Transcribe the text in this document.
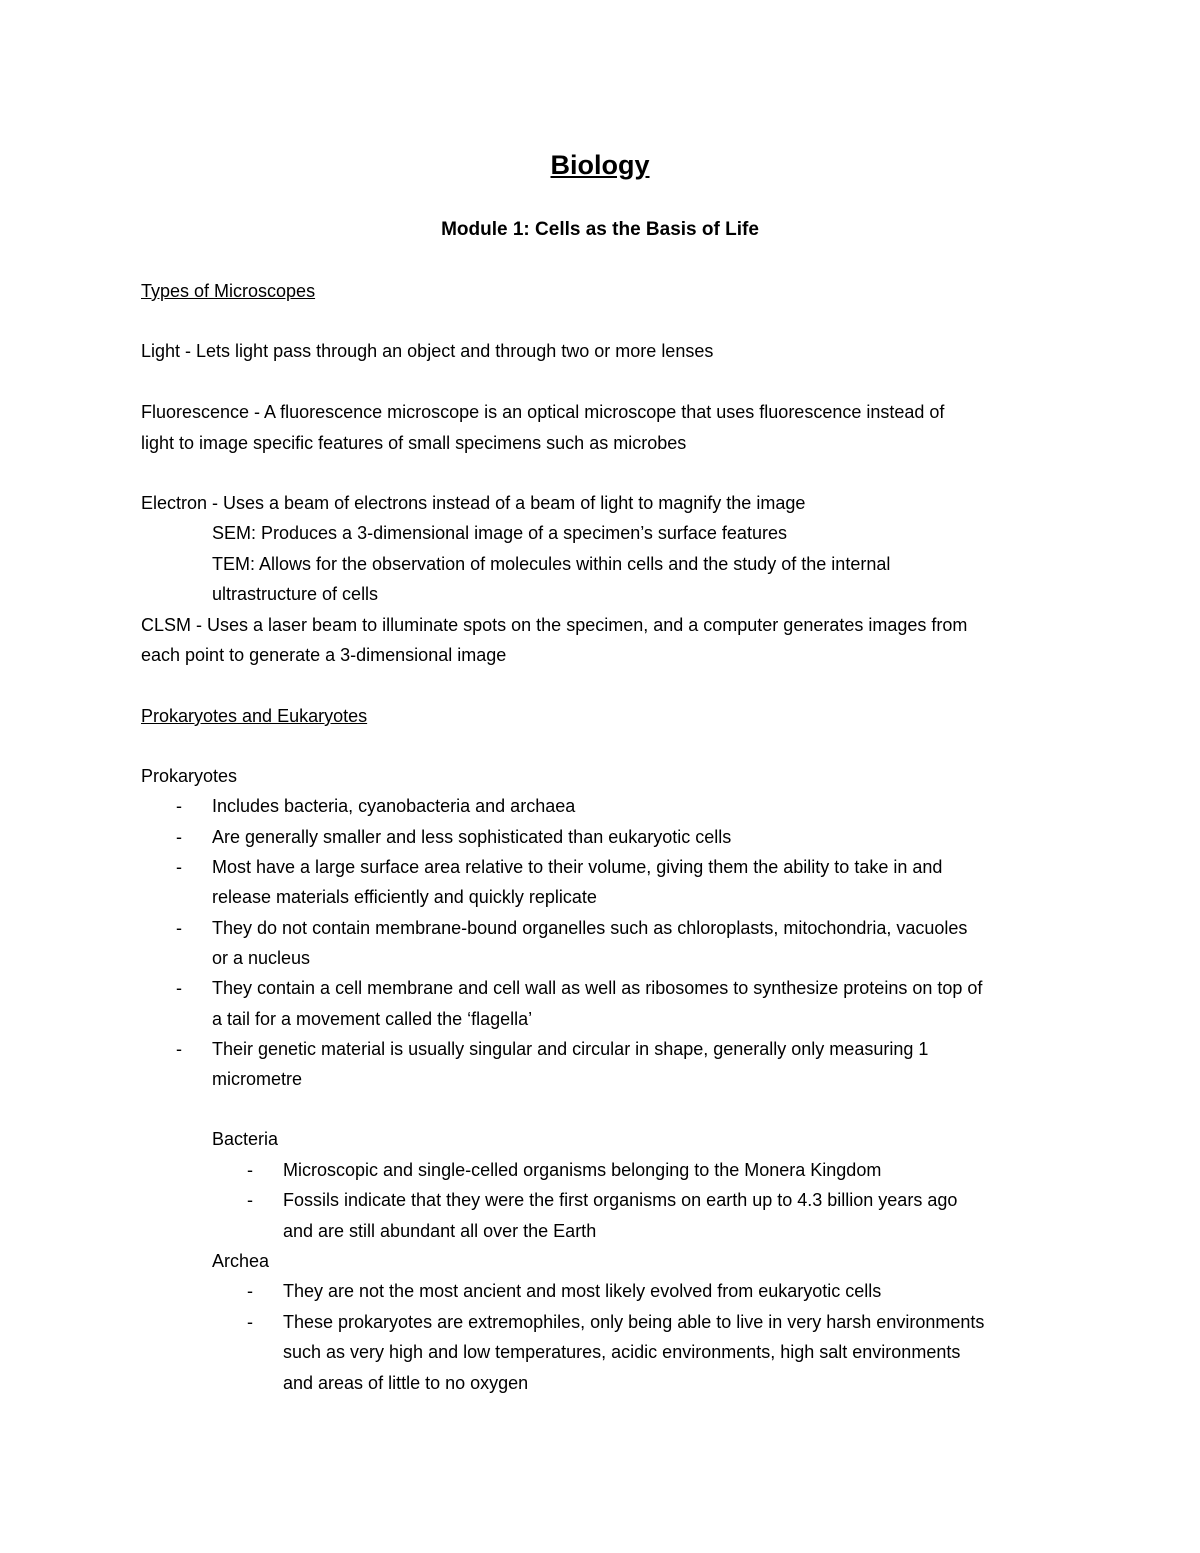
Biology
Module 1: Cells as the Basis of Life
Types of Microscopes
Light - Lets light pass through an object and through two or more lenses
Fluorescence - A fluorescence microscope is an optical microscope that uses fluorescence instead of
light to image specific features of small specimens such as microbes
Electron - Uses a beam of electrons instead of a beam of light to magnify the image
SEM: Produces a 3-dimensional image of a specimen’s surface features
TEM: Allows for the observation of molecules within cells and the study of the internal
ultrastructure of cells
CLSM - Uses a laser beam to illuminate spots on the specimen, and a computer generates images from
each point to generate a 3-dimensional image
Prokaryotes and Eukaryotes
Prokaryotes
- Includes bacteria, cyanobacteria and archaea
- Are generally smaller and less sophisticated than eukaryotic cells
- Most have a large surface area relative to their volume, giving them the ability to take in and
release materials efficiently and quickly replicate
- They do not contain membrane-bound organelles such as chloroplasts, mitochondria, vacuoles
or a nucleus
- They contain a cell membrane and cell wall as well as ribosomes to synthesize proteins on top of
a tail for a movement called the ‘flagella’
- Their genetic material is usually singular and circular in shape, generally only measuring 1
micrometre
Bacteria
- Microscopic and single-celled organisms belonging to the Monera Kingdom
- Fossils indicate that they were the first organisms on earth up to 4.3 billion years ago
and are still abundant all over the Earth
Archea
- They are not the most ancient and most likely evolved from eukaryotic cells
- These prokaryotes are extremophiles, only being able to live in very harsh environments
such as very high and low temperatures, acidic environments, high salt environments
and areas of little to no oxygen
